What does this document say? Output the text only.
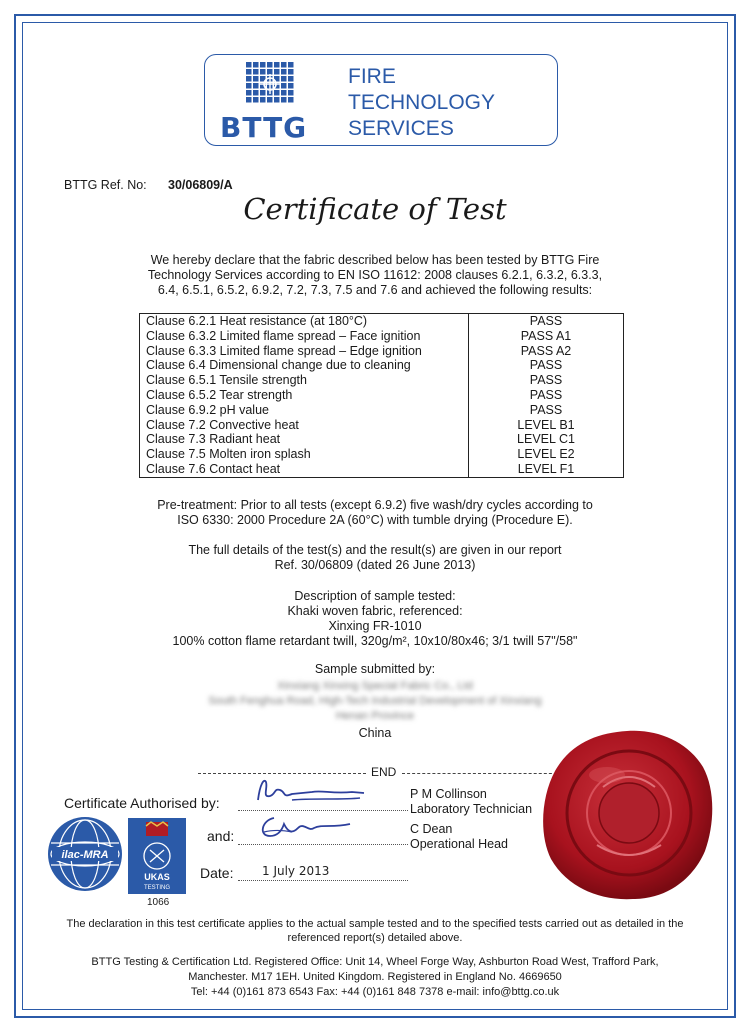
BTTG
FIRE
TECHNOLOGY
SERVICES
BTTG Ref. No: 30/06809/A
Certificate of Test
We hereby declare that the fabric described below has been tested by BTTG Fire
Technology Services according to EN ISO 11612: 2008 clauses 6.2.1, 6.3.2, 6.3.3,
6.4, 6.5.1, 6.5.2, 6.9.2, 7.2, 7.3, 7.5 and 7.6 and achieved the following results:
Clause 6.2.1 Heat resistance (at 180°C)	PASS
Clause 6.3.2 Limited flame spread – Face ignition	PASS A1
Clause 6.3.3 Limited flame spread – Edge ignition	PASS A2
Clause 6.4 Dimensional change due to cleaning	PASS
Clause 6.5.1 Tensile strength	PASS
Clause 6.5.2 Tear strength	PASS
Clause 6.9.2 pH value	PASS
Clause 7.2 Convective heat	LEVEL B1
Clause 7.3 Radiant heat	LEVEL C1
Clause 7.5 Molten iron splash	LEVEL E2
Clause 7.6 Contact heat	LEVEL F1
Pre-treatment: Prior to all tests (except 6.9.2) five wash/dry cycles according to
ISO 6330: 2000 Procedure 2A (60°C) with tumble drying (Procedure E).
The full details of the test(s) and the result(s) are given in our report
Ref. 30/06809 (dated 26 June 2013)
Description of sample tested:
Khaki woven fabric, referenced:
Xinxing FR-1010
100% cotton flame retardant twill, 320g/m², 10x10/80x46; 3/1 twill 57"/58"
Sample submitted by:
Xinxiang Xinxing Special Fabric Co., Ltd
South Fenghua Road, High-Tech Industrial Development of Xinxiang
Henan Province
China
END
Certificate Authorised by:
P M Collinson
Laboratory Technician
and:	C Dean
Operational Head
Date: 1 July 2013
ilac-MRA
UKAS
TESTING
1066
The declaration in this test certificate applies to the actual sample tested and to the specified tests carried out as detailed in the
referenced report(s) detailed above.
BTTG Testing & Certification Ltd. Registered Office: Unit 14, Wheel Forge Way, Ashburton Road West, Trafford Park,
Manchester. M17 1EH. United Kingdom. Registered in England No. 4669650
Tel: +44 (0)161 873 6543 Fax: +44 (0)161 848 7378 e-mail: info@bttg.co.uk
